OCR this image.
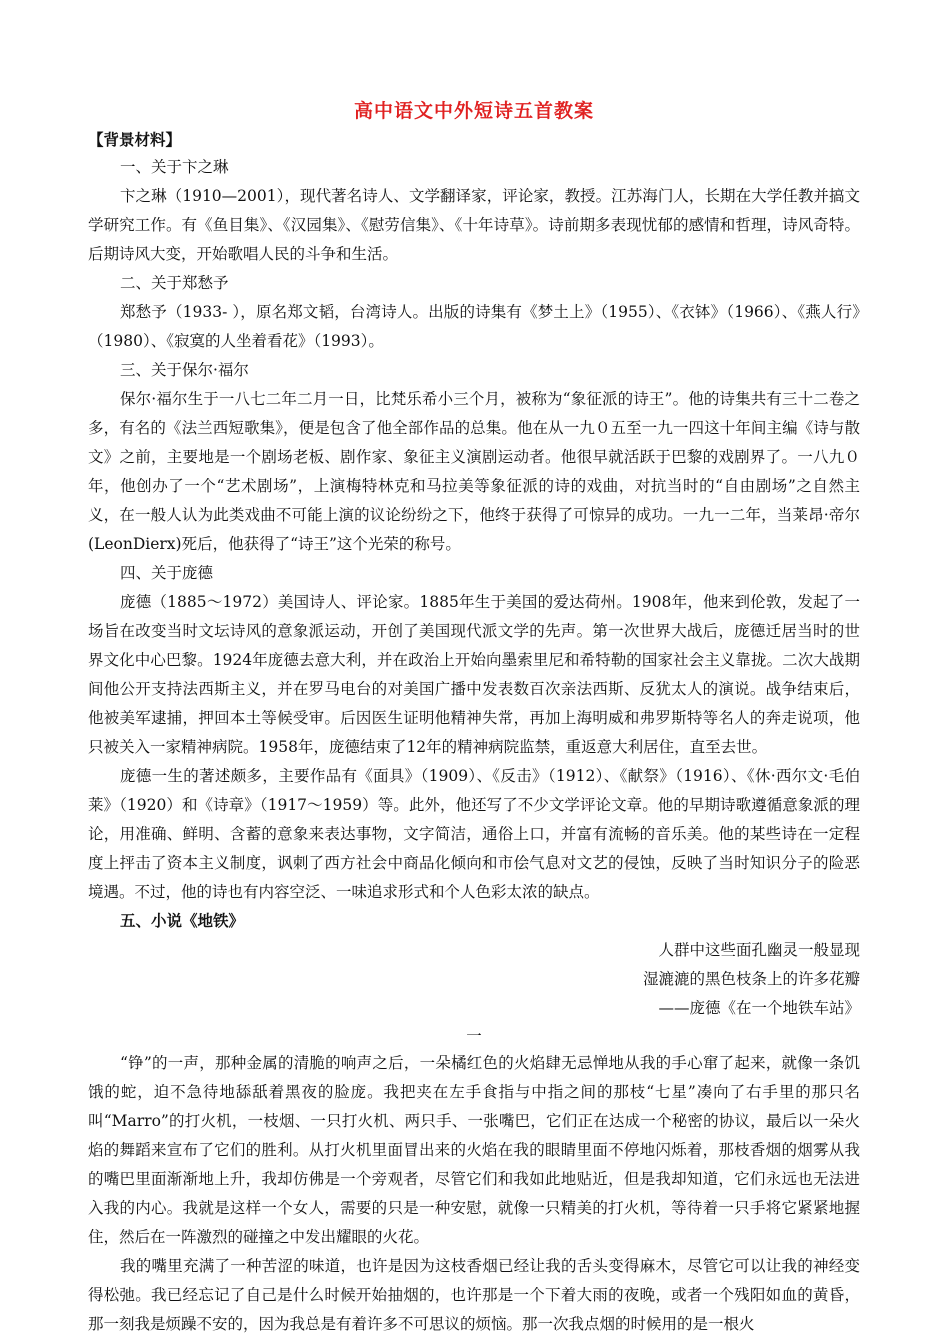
高中语文中外短诗五首教案

【背景材料】

一、关于卞之琳

卞之琳（1910—2001），现代著名诗人、文学翻译家，评论家，教授。江苏海门人，长期在大学任教并搞文学研究工作。有《鱼目集》、《汉园集》、《慰劳信集》、《十年诗草》。诗前期多表现忧郁的感情和哲理，诗风奇特。后期诗风大变，开始歌唱人民的斗争和生活。

二、关于郑愁予

郑愁予（1933- ），原名郑文韬，台湾诗人。出版的诗集有《梦土上》（1955）、《衣钵》（1966）、《燕人行》（1980）、《寂寞的人坐着看花》（1993）。

三、关于保尔·福尔

保尔·福尔生于一八七二年二月一日，比梵乐希小三个月，被称为“象征派的诗王”。他的诗集共有三十二卷之多，有名的《法兰西短歌集》，便是包含了他全部作品的总集。他在从一九０五至一九一四这十年间主编《诗与散文》之前，主要地是一个剧场老板、剧作家、象征主义演剧运动者。他很早就活跃于巴黎的戏剧界了。一八九０年，他创办了一个“艺术剧场”，上演梅特林克和马拉美等象征派的诗的戏曲，对抗当时的“自由剧场”之自然主义，在一般人认为此类戏曲不可能上演的议论纷纷之下，他终于获得了可惊异的成功。一九一二年，当莱昂·帝尔(LeonDierx)死后，他获得了“诗王”这个光荣的称号。

四、关于庞德

庞德（1885～1972）美国诗人、评论家。1885年生于美国的爱达荷州。1908年，他来到伦敦，发起了一场旨在改变当时文坛诗风的意象派运动，开创了美国现代派文学的先声。第一次世界大战后，庞德迁居当时的世界文化中心巴黎。1924年庞德去意大利，并在政治上开始向墨索里尼和希特勒的国家社会主义靠拢。二次大战期间他公开支持法西斯主义，并在罗马电台的对美国广播中发表数百次亲法西斯、反犹太人的演说。战争结束后，他被美军逮捕，押回本土等候受审。后因医生证明他精神失常，再加上海明威和弗罗斯特等名人的奔走说项，他只被关入一家精神病院。1958年，庞德结束了12年的精神病院监禁，重返意大利居住，直至去世。

庞德一生的著述颇多，主要作品有《面具》（1909）、《反击》（1912）、《献祭》（1916）、《休·西尔文·毛伯莱》（1920）和《诗章》（1917～1959）等。此外，他还写了不少文学评论文章。他的早期诗歌遵循意象派的理论，用准确、鲜明、含蓄的意象来表达事物，文字简洁，通俗上口，并富有流畅的音乐美。他的某些诗在一定程度上抨击了资本主义制度，讽刺了西方社会中商品化倾向和市侩气息对文艺的侵蚀，反映了当时知识分子的险恶境遇。不过，他的诗也有内容空泛、一味追求形式和个人色彩太浓的缺点。

五、小说《地铁》

人群中这些面孔幽灵一般显现

湿漉漉的黑色枝条上的许多花瓣

——庞德《在一个地铁车站》

一

“铮”的一声，那种金属的清脆的响声之后，一朵橘红色的火焰肆无忌惮地从我的手心窜了起来，就像一条饥饿的蛇，迫不急待地舔舐着黑夜的脸庞。我把夹在左手食指与中指之间的那枝“七星”凑向了右手里的那只名叫“Marro”的打火机，一枝烟、一只打火机、两只手、一张嘴巴，它们正在达成一个秘密的协议，最后以一朵火焰的舞蹈来宣布了它们的胜利。从打火机里面冒出来的火焰在我的眼睛里面不停地闪烁着，那枝香烟的烟雾从我的嘴巴里面渐渐地上升，我却仿佛是一个旁观者，尽管它们和我如此地贴近，但是我却知道，它们永远也无法进入我的内心。我就是这样一个女人，需要的只是一种安慰，就像一只精美的打火机，等待着一只手将它紧紧地握住，然后在一阵激烈的碰撞之中发出耀眼的火花。

我的嘴里充满了一种苦涩的味道，也许是因为这枝香烟已经让我的舌头变得麻木，尽管它可以让我的神经变得松弛。我已经忘记了自己是什么时候开始抽烟的，也许那是一个下着大雨的夜晚，或者一个残阳如血的黄昏，那一刻我是烦躁不安的，因为我总是有着许多不可思议的烦恼。那一次我点烟的时候用的是一根火
